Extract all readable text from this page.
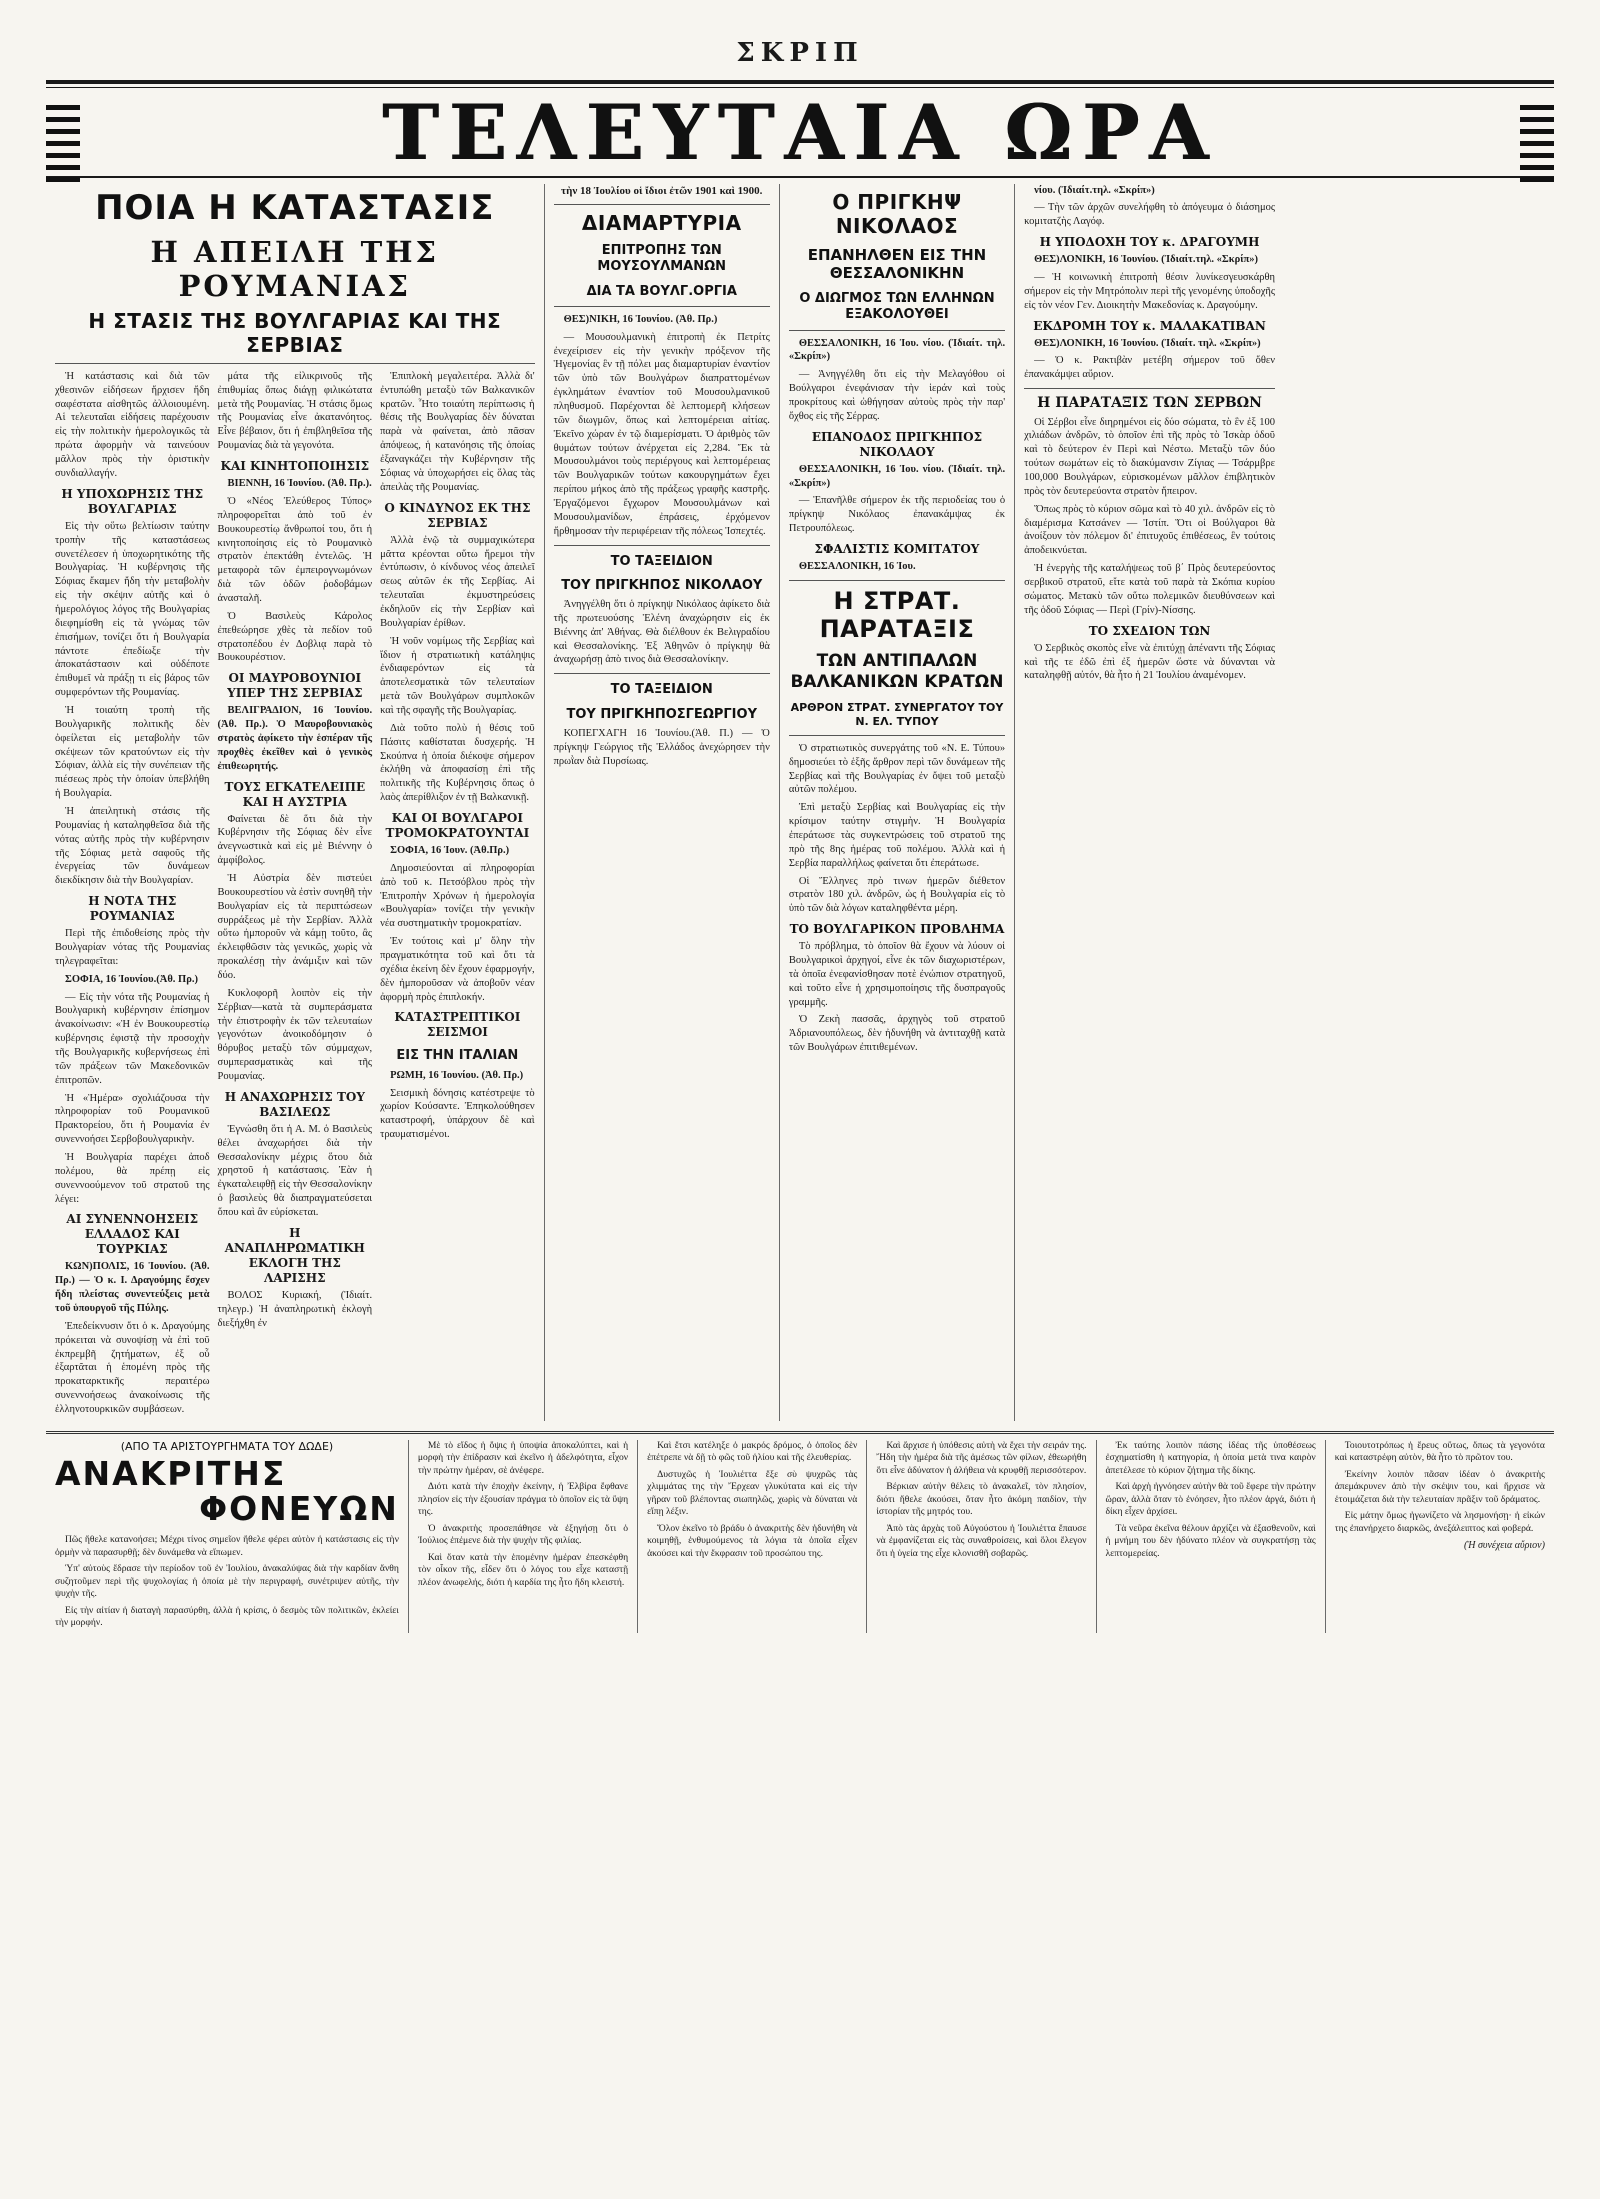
ΣΚΡΙΠ
ΤΕΛΕΥΤΑΙΑ ΩΡΑ
ΠΟΙΑ Η ΚΑΤΑΣΤΑΣΙΣ
Η ΑΠΕΙΛΗ ΤΗΣ ΡΟΥΜΑΝΙΑΣ
Η ΣΤΑΣΙΣ ΤΗΣ ΒΟΥΛΓΑΡΙΑΣ ΚΑΙ ΤΗΣ ΣΕΡΒΙΑΣ

Ἡ κατάστασις καὶ διὰ τῶν χθεσινῶν εἰδήσεων ἤρχισεν ἤδη σαφέστατα αἰσθητῶς ἀλλοιουμένη. Αἱ τελευταῖαι εἰδήσεις παρέχουσιν εἰς τὴν πολιτικὴν ἡμερολογικῶς τὰ πρώτα ἀφορμὴν νὰ ταινεύουν μᾶλλον πρὸς τὴν ὁριστικὴν συνδιαλλαγήν.

Η ΥΠΟΧΩΡΗΣΙΣ ΤΗΣ ΒΟΥΛΓΑΡΙΑΣ

Εἰς τὴν οὕτω βελτίωσιν ταύτην τροπὴν τῆς καταστάσεως συνετέλεσεν ἡ ὑποχωρητικότης τῆς Βουλγαρίας. Ἡ κυβέρνησις τῆς Σόφιας ἔκαμεν ἤδη τὴν μεταβολὴν εἰς τὴν σκέψιν αὐτῆς καὶ ὁ ἡμερολόγιος λόγος τῆς Βουλγαρίας διεφημίσθη εἰς τὰ γνώμας τῶν ἐπισήμων, τονίζει ὅτι ἡ Βουλγαρία πάντοτε ἐπεδίωξε τὴν ἀποκατάστασιν καὶ οὐδέποτε ἐπιθυμεῖ νὰ πράξῃ τι εἰς βάρος τῶν συμφερόντων τῆς Ρουμανίας.

Ἡ τοιαύτη τροπὴ τῆς Βουλγαρικῆς πολιτικῆς δὲν ὀφείλεται εἰς μεταβολὴν τῶν σκέψεων τῶν κρατούντων εἰς τὴν Σόφιαν, ἀλλὰ εἰς τὴν συνέπειαν τῆς πιέσεως πρὸς τὴν ὁποίαν ὑπεβλήθη ἡ Βουλγαρία.

Ἡ ἀπειλητικὴ στάσις τῆς Ρουμανίας ἡ καταληφθεῖσα διὰ τῆς νότας αὐτῆς πρὸς τὴν κυβέρνησιν τῆς Σόφιας μετὰ σαφοῦς τῆς ἐνεργείας τῶν δυνάμεων διεκδίκησιν διὰ τὴν Βουλγαρίαν.

Η ΝΟΤΑ ΤΗΣ ΡΟΥΜΑΝΙΑΣ

Περὶ τῆς ἐπιδοθείσης πρὸς τὴν Βουλγαρίαν νότας τῆς Ρουμανίας τηλεγραφεῖται:

ΣΟΦΙΑ, 16 Ἰουνίου.(Ἀθ. Πρ.)

— Εἰς τὴν νότα τῆς Ρουμανίας ἡ Βουλγαρικὴ κυβέρνησιν ἐπίσημον ἀνακοίνωσιν: «Ἡ ἐν Βουκουρεστίῳ κυβέρνησις ἐφιστᾷ τὴν προσοχὴν τῆς Βουλγαρικῆς κυβερνήσεως ἐπὶ τῶν πράξεων τῶν Μακεδονικῶν ἐπιτροπῶν.

Ἡ «Ἡμέρα» σχολιάζουσα τὴν πληροφορίαν τοῦ Ρουμανικοῦ Πρακτορείου, ὅτι ἡ Ρουμανία ἐν συνεννοήσει Σερβοβουλγαρικὴν.

Ἡ Βουλγαρία παρέχει ἀποδ πολέμου, θὰ πρέπῃ εἰς συνεννοούμενον τοῦ στρατοῦ της λέγει:

ΑΙ ΣΥΝΕΝΝΟΗΣΕΙΣ ΕΛΛΑΔΟΣ ΚΑΙ ΤΟΥΡΚΙΑΣ

ΚΩΝ)ΠΟΛΙΣ, 16 Ἰουνίου. (Ἀθ. Πρ.) — Ὁ κ. Ι. Δραγούμης ἔσχεν ἤδη πλείστας συνεντεύξεις μετὰ τοῦ ὑπουργοῦ τῆς Πύλης.

Ἐπεδείκνυσιν ὅτι ὁ κ. Δραγούμης πρόκειται νὰ συνοψίσῃ νὰ ἐπὶ τοῦ ἐκπρεμβῆ ζητήματων, ἐξ οὗ ἐξαρτᾶται ἡ ἑπομένη πρὸς τῆς προκαταρκτικῆς περαιτέρω συνεννοήσεως ἀνακοίνωσις τῆς ἑλληνοτουρκικῶν συμβάσεων.

μάτα τῆς εἰλικρινοῦς τῆς ἐπιθυμίας ὅπως διάγῃ φιλικώτατα μετὰ τῆς Ρουμανίας. Ἡ στάσις ὅμως τῆς Ρουμανίας εἶνε ἀκατανόητος. Εἶνε βέβαιον, ὅτι ἡ ἐπιβληθεῖσα τῆς Ρουμανίας διὰ τὰ γεγονότα.

ΚΑΙ ΚΙΝΗΤΟΠΟΙΗΣΙΣ

ΒΙΕΝΝΗ, 16 Ἰουνίου. (Ἀθ. Πρ.).

Ὁ «Νέος Ἐλεύθερος Τύπος» πληροφορεῖται ἀπὸ τοῦ ἐν Βουκουρεστίῳ ἄνθρωποί του, ὅτι ἡ κινητοποίησις εἰς τὸ Ρουμανικὸ στρατὸν ἐπεκτάθη ἐντελῶς. Ἡ μεταφορὰ τῶν ἐμπειρογνωμόνων διὰ τῶν ὁδῶν ῥοδοβάμων ἀνασταλῆ.

Ὁ Βασιλεὺς Κάρολος ἐπεθεώρησε χθὲς τὰ πεδίον τοῦ στρατοπέδου ἐν Δοβλιᾳ παρὰ τὸ Βουκουρέστιον.

ΟΙ ΜΑΥΡΟΒΟΥΝΙΟΙ ΥΠΕΡ ΤΗΣ ΣΕΡΒΙΑΣ

ΒΕΛΙΓΡΑΔΙΟΝ, 16 Ἰουνίου. (Ἀθ. Πρ.). Ὁ Μαυροβουνιακὸς στρατὸς ἀφίκετο τὴν ἑσπέραν τῆς προχθὲς ἐκεῖθεν καὶ ὁ γενικὸς ἐπιθεωρητής.

ΤΟΥΣ ΕΓΚΑΤΕΛΕΙΠΕ ΚΑΙ Η ΑΥΣΤΡΙΑ

Φαίνεται δὲ ὅτι διὰ τὴν Κυβέρνησιν τῆς Σόφιας δὲν εἶνε ἀνεγνωστικὰ καὶ εἰς μὲ Βιέννην ὁ ἀμφίβολος.

Ἡ Αὐστρία δὲν πιστεύει Βουκουρεστίου νὰ ἐστὶν συνηθῆ τὴν Βουλγαρίαν εἰς τὰ περιπτώσεων συρράξεως μὲ τὴν Σερβίαν. Ἀλλὰ οὕτω ἠμποροῦν νὰ κάμῃ τοῦτο, ἂς ἐκλειφθῶσιν τὰς γενικῶς, χωρὶς νὰ προκαλέσῃ τὴν ἀνάμιξιν καὶ τῶν δύο.

Κυκλοφορῆ λοιπὸν εἰς τὴν Σέρβιαν—κατὰ τὰ συμπεράσματα τὴν ἐπιστροφὴν ἐκ τῶν τελευταίων γεγονότων ἀνοικοδόμησιν ὁ θόρυβος μεταξὺ τῶν σύμμαχων, συμπερασματικὰς καὶ τῆς Ρουμανίας.

Η ΑΝΑΧΩΡΗΣΙΣ ΤΟΥ ΒΑΣΙΛΕΩΣ

Ἐγνώσθη ὅτι ἡ Α. Μ. ὁ Βασιλεὺς θέλει ἀναχωρήσει διὰ τὴν Θεσσαλονίκην μέχρις ὅτου διὰ χρηστοῦ ἡ κατάστασις. Ἐὰν ἡ ἐγκαταλειφθῇ εἰς τὴν Θεσσαλονίκην ὁ βασιλεὺς θὰ διαπραγματεύσεται ὅπου καὶ ἂν εὑρίσκεται.

Η ΑΝΑΠΛΗΡΩΜΑΤΙΚΗ ΕΚΛΟΓΗ ΤΗΣ ΛΑΡΙΣΗΣ

ΒΟΛΟΣ Κυριακή, (Ἰδιαίτ. τηλεγρ.) Ἡ ἀναπληρωτικὴ ἐκλογὴ διεξήχθη ἐν

Ἐπιπλοκὴ μεγαλειτέρα. Ἀλλὰ δι' ἐντυπώθη μεταξὺ τῶν Βαλκανικῶν κρατῶν. Ἦτο τοιαύτη περίπτωσις ἡ θέσις τῆς Βουλγαρίας δὲν δύναται παρὰ νὰ φαίνεται, ἀπὸ πᾶσαν ἀπόψεως, ἡ κατανόησις τῆς ὁποίας ἐξαναγκάζει τὴν Κυβέρνησιν τῆς Σόφιας νὰ ὑποχωρήσει εἰς ὅλας τὰς ἀπειλὰς τῆς Ρουμανίας.

Ο ΚΙΝΔΥΝΟΣ ΕΚ ΤΗΣ ΣΕΡΒΙΑΣ

Ἀλλὰ ἐνῷ τὰ συμμαχικώτερα μᾶττα κρέονται οὕτω ἤρεμοι τὴν ἐντύπωσιν, ὁ κίνδυνος νέος ἀπειλεῖ σεως αὐτῶν ἐκ τῆς Σερβίας. Αἱ τελευταῖαι ἐκμυστηρεύσεις ἐκδηλοῦν εἰς τὴν Σερβίαν καὶ Βουλγαρίαν ἐρίθων.

Ἡ νοῦν νομίμως τῆς Σερβίας καὶ ἴδιον ἡ στρατιωτικὴ κατάληψις ἐνδιαφερόντων εἰς τὰ ἀποτελεσματικὰ τῶν τελευταίων μετὰ τῶν Βουλγάρων συμπλοκῶν καὶ τῆς σφαγῆς τῆς Βουλγαρίας.

Διὰ τοῦτο πολὺ ἡ θέσις τοῦ Πάσιτς καθίσταται δυσχερής. Ἡ Σκούπνα ἡ ὁποία διέκοψε σήμερον ἐκλήθη νὰ ἀποφασίσῃ ἐπὶ τῆς πολιτικῆς τῆς Κυβέρνησις ὅπως ὁ λαὸς ἀπερίθλιξον ἐν τῇ Βαλκανικῇ.

ΚΑΙ ΟΙ ΒΟΥΛΓΑΡΟΙ ΤΡΟΜΟΚΡΑΤΟΥΝΤΑΙ

ΣΟΦΙΑ, 16 Ἰουν. (Ἀθ.Πρ.)

Δημοσιεύονται αἱ πληροφορίαι ἀπὸ τοῦ κ. Πετσόβλου πρὸς τὴν Ἐπιτροπὴν Χρόνων ἡ ἡμερολογία «Βουλγαρία» τονίζει τὴν γενικὴν νέα συστηματικὴν τρομοκρατίαν.

Ἐν τούτοις καὶ μ' ὅλην τὴν πραγματικότητα τοῦ καὶ ὅτι τὰ σχέδια ἐκείνη δὲν ἔχουν ἐφαρμογήν, δὲν ἠμποροῦσαν νὰ ἀποβοῦν νέαν ἀφορμὴ πρὸς ἐπιπλοκήν.

ΚΑΤΑΣΤΡΕΠΤΙΚΟΙ ΣΕΙΣΜΟΙ
ΕΙΣ ΤΗΝ ΙΤΑΛΙΑΝ

ΡΩΜΗ, 16 Ἰουνίου. (Ἀθ. Πρ.)

Σεισμικὴ δόνησις κατέστρεψε τὸ χωρίον Κούσαντε. Ἐπηκολούθησεν καταστροφή, ὑπάρχουν δὲ καὶ τραυματισμένοι.

τὴν 18 Ἰουλίου οἱ ἴδιοι ἐτῶν 1901 καὶ 1900.
ΔΙΑΜΑΡΤΥΡΙΑ
ΕΠΙΤΡΟΠΗΣ ΤΩΝ ΜΟΥΣΟΥΛΜΑΝΩΝ
ΔΙΑ ΤΑ ΒΟΥΛΓ.ΟΡΓΙΑ

ΘΕΣ)ΝΙΚΗ, 16 Ἰουνίου. (Ἀθ. Πρ.)

— Μουσουλμανικὴ ἐπιτροπὴ ἐκ Πετρίτς ἐνεχείρισεν εἰς τὴν γενικὴν πρόξενον τῆς Ἡγεμονίας ἓν τῇ πόλει μας διαμαρτυρίαν ἐναντίον τῶν ὑπὸ τῶν Βουλγάρων διαπραττομένων ἐγκλημάτων ἐναντίον τοῦ Μουσουλμανικοῦ πληθυσμοῦ. Παρέχονται δὲ λεπτομερῆ κλήσεων τῶν διωγμῶν, ὅπως καὶ λεπτομέρειαι αἰτίας. Ἐκεῖνο χώραν ἐν τῷ διαμερίσματι. Ὁ ἀριθμὸς τῶν θυμάτων τούτων ἀνέρχεται εἰς 2,284. Ἔκ τὰ Μουσουλμάνοι τοὺς περιέργους καὶ λεπτομέρειας τῶν Βουλγαρικῶν τούτων κακουργημάτων ἔχει περίπου μήκος ἀπὸ τῆς πράξεως γραφῆς καστρῆς. Ἐργαζόμενοι ἔγχωρον Μουσουλμάνων καὶ Μουσουλμανίδων, ἐπράσεις, ἐρχόμενον ἤρθημοσαν τὴν περιφέρειαν τῆς πόλεως Ἰσπεχτές.

ΤΟ ΤΑΞΕΙΔΙΟΝ
ΤΟΥ ΠΡΙΓΚΗΠΟΣ ΝΙΚΟΛΑΟΥ

Ἀνηγγέλθη ὅτι ὁ πρίγκηψ Νικόλαος ἀφίκετο διὰ τῆς πρωτευούσης Ἑλένη ἀναχώρησιν εἰς ἐκ Βιέννης ἀπ' Ἀθήνας. Θὰ διέλθουν ἐκ Βελιγραδίου καὶ Θεσσαλονίκης. Ἐξ Ἀθηνῶν ὁ πρίγκηψ θὰ ἀναχωρήσῃ ἀπὸ τινος διὰ Θεσσαλονίκην.

ΤΟ ΤΑΞΕΙΔΙΟΝ
ΤΟΥ ΠΡΙΓΚΗΠΟΣΓΕΩΡΓΙΟΥ

ΚΟΠΕΓΧΑΓΗ 16 Ἰουνίου.(Ἀθ. Π.) — Ὁ πρίγκηψ Γεώργιος τῆς Ἑλλάδος ἀνεχώρησεν τὴν πρωῒαν διὰ Πυρσίωας.

Ο ΠΡΙΓΚΗΨ ΝΙΚΟΛΑΟΣ
ΕΠΑΝΗΛΘΕΝ ΕΙΣ ΤΗΝ ΘΕΣΣΑΛΟΝΙΚΗΝ
Ο ΔΙΩΓΜΟΣ ΤΩΝ ΕΛΛΗΝΩΝ ΕΞΑΚΟΛΟΥΘΕΙ

ΘΕΣΣΑΛΟΝΙΚΗ, 16 Ἰου. νίου. (Ἰδιαίτ. τηλ. «Σκρίπ»)

— Ἀνηγγέλθη ὅτι εἰς τὴν Μελαγόθου οἱ Βούλγαροι ἐνεφάνισαν τὴν ἱεράν καὶ τοὺς προκρίτους καὶ ὠθήγησαν αὐτοὺς πρὸς τὴν παρ' ὄχθος εἰς τῆς Σέρρας.

ΕΠΑΝΟΔΟΣ ΠΡΙΓΚΗΠΟΣ ΝΙΚΟΛΑΟΥ

ΘΕΣΣΑΛΟΝΙΚΗ, 16 Ἰου. νίου. (Ἰδιαίτ. τηλ. «Σκρίπ»)

— Ἐπανῆλθε σήμερον ἐκ τῆς περιοδείας του ὁ πρίγκηψ Νικόλαος ἐπανακάμψας ἐκ Πετρουπόλεως.

ΣΦΑΛΙΣΤΙΣ ΚΟΜΙΤΑΤΟΥ

ΘΕΣΣΑΛΟΝΙΚΗ, 16 Ἰου.

Η ΣΤΡΑΤ. ΠΑΡΑΤΑΞΙΣ
ΤΩΝ ΑΝΤΙΠΑΛΩΝ ΒΑΛΚΑΝΙΚΩΝ ΚΡΑΤΩΝ
ΑΡΘΡΟΝ ΣΤΡΑΤ. ΣΥΝΕΡΓΑΤΟΥ ΤΟΥ Ν. ΕΛ. ΤΥΠΟΥ

Ὁ στρατιωτικὸς συνεργάτης τοῦ «Ν. Ε. Τύπου» δημοσιεύει τὸ ἑξῆς ἄρθρον περὶ τῶν δυνάμεων τῆς Σερβίας καὶ τῆς Βουλγαρίας ἐν ὄψει τοῦ μεταξὺ αὐτῶν πολέμου.

Ἐπὶ μεταξὺ Σερβίας καὶ Βουλγαρίας εἰς τὴν κρίσιμον ταύτην στιγμὴν. Ἡ Βουλγαρία ἐπεράτωσε τὰς συγκεντρώσεις τοῦ στρατοῦ της πρὸ τῆς 8ης ἡμέρας τοῦ πολέμου. Ἀλλὰ καὶ ἡ Σερβία παραλλήλως φαίνεται ὅτι ἐπεράτωσε.

Οἱ Ἕλληνες πρὸ τινων ἡμερῶν διέθετον στρατὸν 180 χιλ. ἀνδρῶν, ὡς ἡ Βουλγαρία εἰς τὸ ὑπὸ τῶν διὰ λόγων καταληφθέντα μέρη.

ΤΟ ΒΟΥΛΓΑΡΙΚΟΝ ΠΡΟΒΛΗΜΑ

Τὸ πρόβλημα, τὸ ὁποῖον θὰ ἔχουν νὰ λύουν οἱ Βουλγαρικοὶ ἀρχηγοί, εἶνε ἐκ τῶν διαχωριστέρων, τὰ ὁποῖα ἐνεφανίσθησαν ποτὲ ἐνώπιον στρατηγοῦ, καὶ τοῦτο εἶνε ἡ χρησιμοποίησις τῆς δυσπραγοῦς γραμμῆς.

Ὁ Ζεκὴ πασσᾶς, ἀρχηγὸς τοῦ στρατοῦ Ἀδριανουπόλεως, δὲν ἠδυνήθη νὰ ἀντιταχθῇ κατὰ τῶν Βουλγάρων ἐπιτιθεμένων.

νίου. (Ἰδιαίτ.τηλ. «Σκρίπ»)

— Τὴν τῶν ἀρχῶν συνελήφθη τὸ ἀπόγευμα ὁ διάσημος κομιτατζὴς Λαγόφ.

Η ΥΠΟΔΟΧΗ ΤΟΥ κ. ΔΡΑΓΟΥΜΗ

ΘΕΣ)ΛΟΝΙΚΗ, 16 Ἰουνίου. (Ἰδιαίτ.τηλ. «Σκρίπ»)

— Ἡ κοινωνικὴ ἐπιτροπὴ θέσιν λυνίκεσγευσκάρθη σήμερον εἰς τὴν Μητρόπολιν περὶ τῆς γενομένης ὑποδοχῆς εἰς τὸν νέον Γεν. Διοικητὴν Μακεδονίας κ. Δραγούμην.

ΕΚΔΡΟΜΗ ΤΟΥ κ. ΜΑΛΑΚΑΤΙΒΑΝ

ΘΕΣ)ΛΟΝΙΚΗ, 16 Ἰουνίου. (Ἰδιαίτ. τηλ. «Σκρίπ»)

— Ὁ κ. Ρακτιβὰν μετέβη σήμερον τοῦ ὅθεν ἐπανακάμψει αὔριον.

Η ΠΑΡΑΤΑΞΙΣ ΤΩΝ ΣΕΡΒΩΝ

Οἱ Σέρβοι εἶνε διηρημένοι εἰς δύο σώματα, τὸ ἓν ἐξ 100 χιλιάδων ἀνδρῶν, τὸ ὁποῖον ἐπὶ τῆς πρὸς τὸ Ἰσκὰρ ὁδοῦ καὶ τὸ δεύτερον ἐν Περὶ καὶ Νέστω. Μεταξὺ τῶν δύο τούτων σωμάτων εἰς τὸ διακύμανσιν Ζίγιας — Τσάρμβρε 100,000 Βουλγάρων, εὑρισκομένων μᾶλλον ἐπιβλητικὸν πρὸς τὸν δευτερεύοντα στρατὸν ἤπειρον.

Ὅπως πρὸς τὸ κύριον σῶμα καὶ τὸ 40 χιλ. ἀνδρῶν εἰς τὸ διαμέρισμα Κατσάνεν — Ἰστίπ. Ὅτι οἱ Βούλγαροι θὰ ἀνοίξουν τὸν πόλεμον δι' ἐπιτυχοῦς ἐπιθέσεως, ἓν τούτοις ἀποδεικνύεται.

Ἡ ἐνεργὴς τῆς καταλήψεως τοῦ β΄ Πρὸς δευτερεύοντος σερβικοῦ στρατοῦ, εἴτε κατὰ τοῦ παρὰ τὰ Σκόπια κυρίου σώματος. Μετακὺ τῶν οὕτω πολεμικῶν διευθύνσεων καὶ τῆς ὁδοῦ Σόφιας — Περὶ (Γρίν)-Νίσσης.

ΤΟ ΣΧΕΔΙΟΝ ΤΩΝ

Ὁ Σερβικὸς σκοπὸς εἶνε νὰ ἐπιτύχῃ ἀπέναντι τῆς Σόφιας καὶ τῆς τε ἐδῶ ἐπὶ ἐξ ἡμερῶν ὥστε νὰ δύνανται νὰ καταληφθῇ αὐτόν, θὰ ἦτο ἡ 21 Ἰουλίου ἀναμένομεν.

(ΑΠΟ ΤΑ ΑΡΙΣΤΟΥΡΓΗΜΑΤΑ ΤΟΥ ΔΩΔΕ)
ΑΝΑΚΡΙΤΗΣ
ΦΟΝΕΥΩΝ

Πῶς ἤθελε κατανοήσει; Μέχρι τίνος σημεῖον ἤθελε φέρει αὐτὸν ἡ κατάστασις εἰς τὴν ὁρμὴν νὰ παρασυρθῇ; δὲν δυνάμεθα νὰ εἴπωμεν.

Ὑπ' αὐτοὺς ἔδρασε τὴν περίοδον τοῦ ἐν Ἰουλίου, ἀνακαλύψας διὰ τὴν καρδίαν ἄνθη συζητοῦμεν περὶ τῆς ψυχολογίας ἡ ὁποία μὲ τὴν περιγραφή, συνέτριψεν αὐτῆς, τὴν ψυχὴν τῆς.

Εἰς τὴν αἰτίαν ἡ διαταγὴ παρασύρθη, ἀλλὰ ἡ κρίσις, ὁ δεσμὸς τῶν πολιτικῶν, ἐκλείει τὴν μορφήν.

Μὲ τὸ εἴδος ἡ ὄψις ἡ ὑποψία ἀποκαλύπτει, καὶ ἡ μορφὴ τὴν ἐπίδρασιν καὶ ἐκεῖνο ἡ ἀδελφότητα, εἶχον τὴν πρώτην ἡμέραν, σὲ ἀνέφερε.

Διότι κατὰ τὴν ἐποχὴν ἐκείνην, ἡ Ἐλβίρα ἔφθανε πλησίον εἰς τὴν ἐξουσίαν πράγμα τὸ ὁποῖον εἰς τὰ ὕψη της.

Ὁ ἀνακριτὴς προσεπάθησε νὰ ἐξηγήσῃ ὅτι ὁ Ἰούλιος ἐπέμενε διὰ τὴν ψυχὴν τῆς φιλίας.

Καὶ ὅταν κατὰ τὴν ἑπομένην ἡμέραν ἐπεσκέφθη τὸν οἶκον τῆς, εἶδεν ὅτι ὁ λόγος του εἶχε καταστῇ πλέον ἀνωφελής, διότι ἡ καρδία της ἦτο ἤδη κλειστή.

Καὶ ἔτσι κατέληξε ὁ μακρός δρόμος, ὁ ὁποῖος δὲν ἐπέτρεπε νὰ δῇ τὸ φῶς τοῦ ἡλίου καὶ τῆς ἐλευθερίας.

Δυστυχῶς ἡ Ἰουλιέττα ἔξε σὺ ψυχρῶς τὰς χλιμμάτας της τὴν Ἔρχεαν γλυκύτατα καὶ εἰς τὴν γῆραν τοῦ βλέποντας σιωπηλῶς, χωρὶς νὰ δύναται νὰ εἴπῃ λέξιν.

Ὅλον ἐκεῖνο τὸ βράδυ ὁ ἀνακριτὴς δὲν ἠδυνήθη νὰ κοιμηθῇ, ἐνθυμούμενος τὰ λόγια τὰ ὁποῖα εἶχεν ἀκούσει καὶ τὴν ἔκφρασιν τοῦ προσώπου της.

Καὶ ἄρχισε ἡ ὑπόθεσις αὐτὴ νὰ ἔχει τὴν σειράν της. Ἤδη τὴν ἡμέρα διὰ τῆς ἀμέσως τῶν φίλων, ἐθεωρήθη ὅτι εἶνε ἀδύνατον ἡ ἀλήθεια νὰ κρυφθῇ περισσότερον.

Βέρκιαν αὐτὴν θέλεις τὸ ἀνακαλεῖ, τὸν πλησίον, διότι ἤθελε ἀκούσει, ὅταν ἦτο ἀκόμη παιδίον, τὴν ἱστορίαν τῆς μητρός του.

Ἀπὸ τὰς ἀρχὰς τοῦ Αὐγούστου ἡ Ἰουλιέττα ἔπαυσε νὰ ἐμφανίζεται εἰς τὰς συναθροίσεις, καὶ ὅλοι ἔλεγον ὅτι ἡ ὑγεία της εἶχε κλονισθῆ σοβαρῶς.

Ἐκ ταύτης λοιπὸν πάσης ἰδέας τῆς ὑποθέσεως ἐσχηματίσθη ἡ κατηγορία, ἡ ὁποία μετὰ τινα καιρὸν ἀπετέλεσε τὸ κύριον ζήτημα τῆς δίκης.

Καὶ ἀρχὴ ἠγνόησεν αὐτὴν θὰ τοῦ ἔφερε τὴν πρώτην ὥραν, ἀλλὰ ὅταν τὸ ἐνόησεν, ἦτο πλέον ἀργά, διότι ἡ δίκη εἶχεν ἀρχίσει.

Τὰ νεῦρα ἐκεῖνα θέλουν ἀρχίζει νὰ ἐξασθενοῦν, καὶ ἡ μνήμη του δὲν ἠδύνατο πλέον νὰ συγκρατήσῃ τὰς λεπτομερείας.

Τοιουτοτρόπως ἡ ἔρευς οὕτως, ὅπως τὰ γεγονότα καὶ καταστρέφη αὐτὸν, θὰ ἦτο τὸ πρῶτον του.

Ἐκείνην λοιπὸν πᾶσαν ἰδέαν ὁ ἀνακριτὴς ἀπεμάκρυνεν ἀπὸ τὴν σκέψιν του, καὶ ἤρχισε νὰ ἑτοιμάζεται διὰ τὴν τελευταίαν πρᾶξιν τοῦ δράματος.

Εἰς μάτην ὅμως ἠγωνίζετο νὰ λησμονήσῃ· ἡ εἰκών της ἐπανήρχετο διαρκῶς, ἀνεξάλειπτος καὶ φοβερά.

(Ἡ συνέχεια αὔριον)
